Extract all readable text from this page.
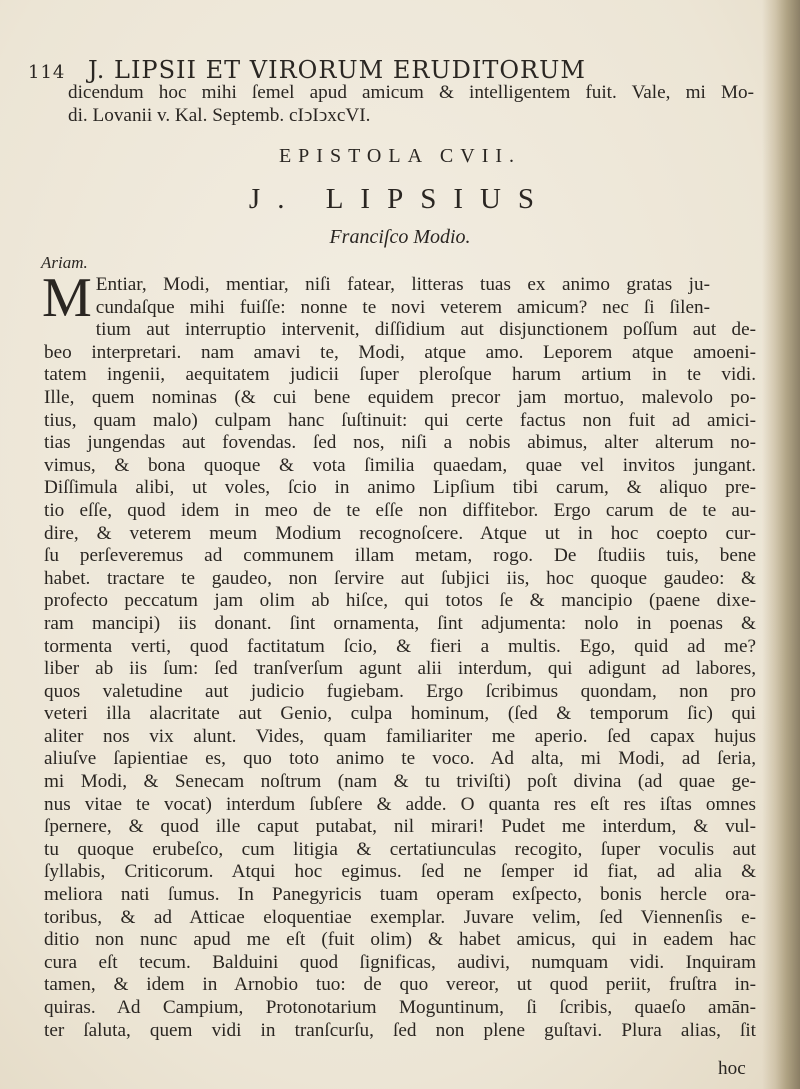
114 J. LIPSII ET VIRORUM ERUDITORUM
dicendum hoc mihi ſemel apud amicum & intelligentem fuit. Vale, mi Mo-
di. Lovanii v. Kal. Septemb. cIↄIↄxcVI.
EPISTOLA CVII.
J. LIPSIUS
Franciſco Modio.
Ariam.
M Entiar, Modi, mentiar, niſi fatear, litteras tuas ex animo gratas ju-
cundaſque mihi fuiſſe: nonne te novi veterem amicum? nec ſi ſilen-
tium aut interruptio intervenit, diſſidium aut disjunctionem poſſum aut de-
beo interpretari. nam amavi te, Modi, atque amo. Leporem atque amoeni-
tatem ingenii, aequitatem judicii ſuper pleroſque harum artium in te vidi.
Ille, quem nominas (& cui bene equidem precor jam mortuo, malevolo po-
tius, quam malo) culpam hanc ſuſtinuit: qui certe factus non fuit ad amici-
tias jungendas aut fovendas. ſed nos, niſi a nobis abimus, alter alterum no-
vimus, & bona quoque & vota ſimilia quaedam, quae vel invitos jungant.
Diſſimula alibi, ut voles, ſcio in animo Lipſium tibi carum, & aliquo pre-
tio eſſe, quod idem in meo de te eſſe non diffitebor. Ergo carum de te au-
dire, & veterem meum Modium recognoſcere. Atque ut in hoc coepto cur-
ſu perſeveremus ad communem illam metam, rogo. De ſtudiis tuis, bene
habet. tractare te gaudeo, non ſervire aut ſubjici iis, hoc quoque gaudeo: &
profecto peccatum jam olim ab hiſce, qui totos ſe & mancipio (paene dixe-
ram mancipi) iis donant. ſint ornamenta, ſint adjumenta: nolo in poenas &
tormenta verti, quod factitatum ſcio, & fieri a multis. Ego, quid ad me?
liber ab iis ſum: ſed tranſverſum agunt alii interdum, qui adigunt ad labores,
quos valetudine aut judicio fugiebam. Ergo ſcribimus quondam, non pro
veteri illa alacritate aut Genio, culpa hominum, (ſed & temporum ſic) qui
aliter nos vix alunt. Vides, quam familiariter me aperio. ſed capax hujus
aliuſve ſapientiae es, quo toto animo te voco. Ad alta, mi Modi, ad ſeria,
mi Modi, & Senecam noſtrum (nam & tu triviſti) poſt divina (ad quae ge-
nus vitae te vocat) interdum ſubſere & adde. O quanta res eſt res iſtas omnes
ſpernere, & quod ille caput putabat, nil mirari! Pudet me interdum, & vul-
tu quoque erubeſco, cum litigia & certatiunculas recogito, ſuper voculis aut
ſyllabis, Criticorum. Atqui hoc egimus. ſed ne ſemper id fiat, ad alia &
meliora nati ſumus. In Panegyricis tuam operam exſpecto, bonis hercle ora-
toribus, & ad Atticae eloquentiae exemplar. Juvare velim, ſed Viennenſis e-
ditio non nunc apud me eſt (fuit olim) & habet amicus, qui in eadem hac
cura eſt tecum. Balduini quod ſignificas, audivi, numquam vidi. Inquiram
tamen, & idem in Arnobio tuo: de quo vereor, ut quod periit, fruſtra in-
quiras. Ad Campium, Protonotarium Moguntinum, ſi ſcribis, quaeſo amān-
ter ſaluta, quem vidi in tranſcurſu, ſed non plene guſtavi. Plura alias, ſit
hoc
